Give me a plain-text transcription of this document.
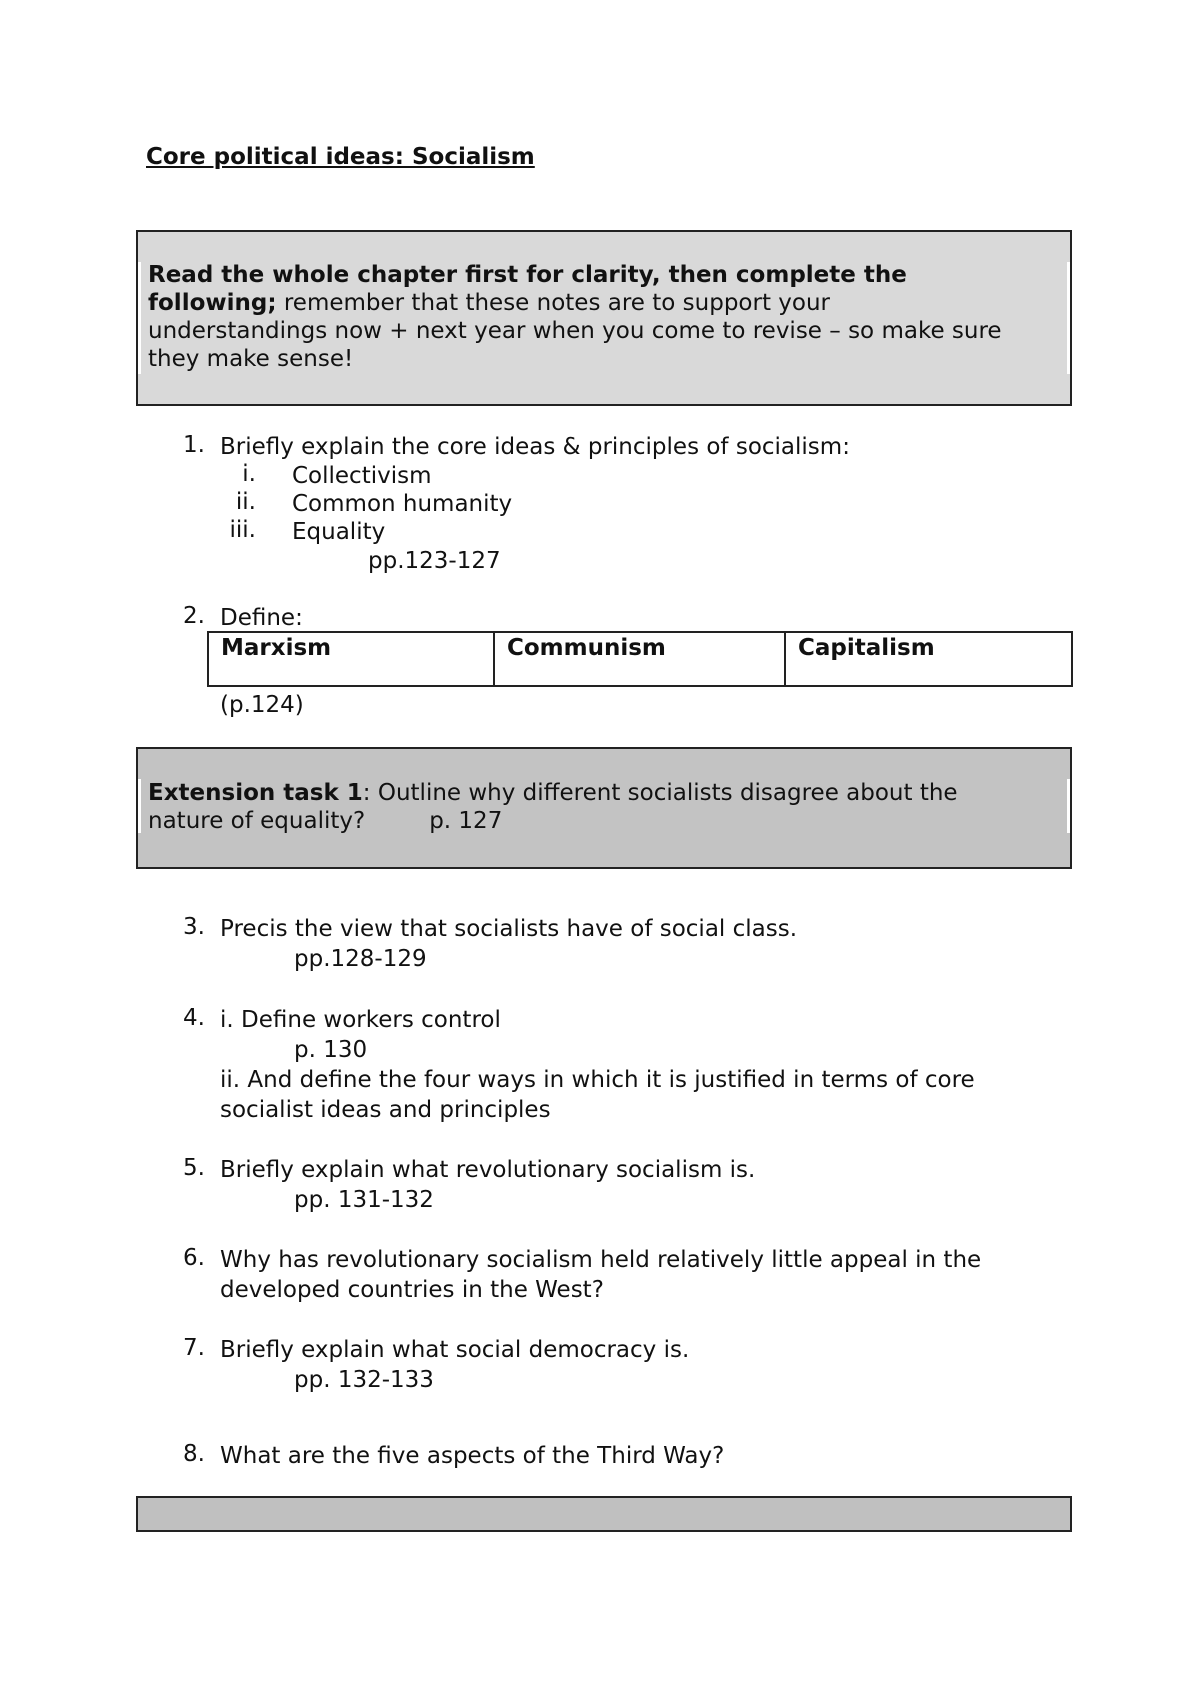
Core political ideas: Socialism
Read the whole chapter first for clarity, then complete the
following; remember that these notes are to support your
understandings now + next year when you come to revise – so make sure
they make sense!
1. Briefly explain the core ideas & principles of socialism:
i. Collectivism
ii. Common humanity
iii. Equality
pp.123-127
2. Define:
Marxism	Communism	Capitalism
(p.124)
Extension task 1: Outline why different socialists disagree about the
nature of equality?	p. 127
3. Precis the view that socialists have of social class.
pp.128-129
4. i. Define workers control
p. 130
ii. And define the four ways in which it is justified in terms of core
socialist ideas and principles
5. Briefly explain what revolutionary socialism is.
pp. 131-132
6. Why has revolutionary socialism held relatively little appeal in the
developed countries in the West?
7. Briefly explain what social democracy is.
pp. 132-133
8. What are the five aspects of the Third Way?
